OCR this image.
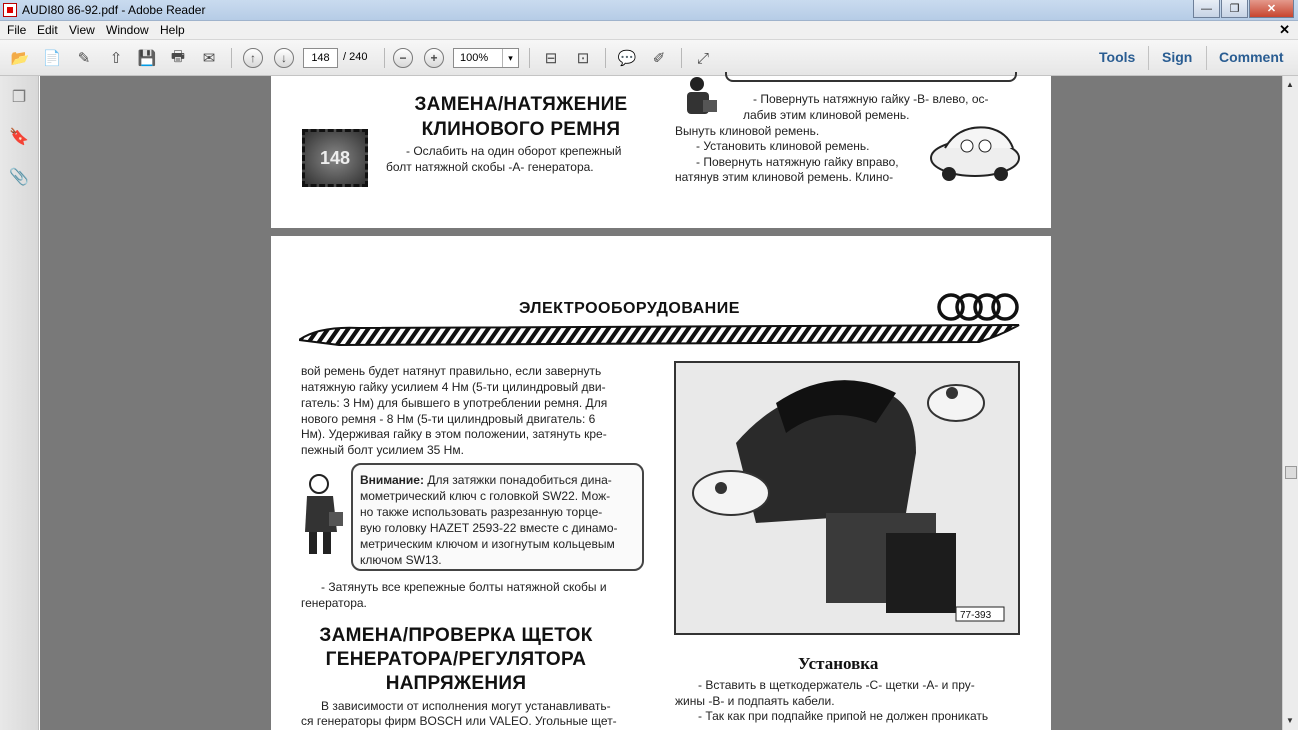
AUDI80 86-92.pdf - Adobe Reader	—	❐	✕
File Edit View Window Help	✕
📂 📄	✎	⇧	💾 🖶	✉	↑	↓	148	/ 240	−	+	100%	▾	⊟	⊡	💬	✐	⤢	Tools Sign Comment
❐
🔖
📎
ЗАМЕНА/НАТЯЖЕНИЕ
КЛИНОВОГО РЕМНЯ
148	- Ослабить на один оборот крепежный
болт натяжной скобы -А- генератора.
- Повернуть натяжную гайку -В- влево, ос-
лабив этим клиновой ремень.
Вынуть клиновой ремень.
- Установить клиновой ремень.
- Повернуть натяжную гайку вправо,
натянув этим клиновой ремень. Клино-
ЭЛЕКТРООБОРУДОВАНИЕ
вой ремень будет натянут правильно, если завернуть
натяжную гайку усилием 4 Нм (5-ти цилиндровый дви-
гатель: 3 Нм) для бывшего в употреблении ремня. Для
нового ремня - 8 Нм (5-ти цилиндровый двигатель: 6
Нм). Удерживая гайку в этом положении, затянуть кре-
пежный болт усилием 35 Нм.
Внимание: Для затяжки понадобиться дина-
мометрический ключ с головкой SW22. Мож-
но также использовать разрезанную торце-
вую головку HAZET 2593-22 вместе с динамо-
метрическим ключом и изогнутым кольцевым
ключом SW13.
- Затянуть все крепежные болты натяжной скобы и
генератора.
ЗАМЕНА/ПРОВЕРКА ЩЕТОК
ГЕНЕРАТОРА/РЕГУЛЯТОРА
НАПРЯЖЕНИЯ
В зависимости от исполнения могут устанавливать-
ся генераторы фирм BOSCH или VALEO. Угольные щет-
77-393
Установка
- Вставить в щеткодержатель -С- щетки -А- и пру-
жины -В- и подпаять кабели.
- Так как при подпайке припой не должен проникать
▲
▼
